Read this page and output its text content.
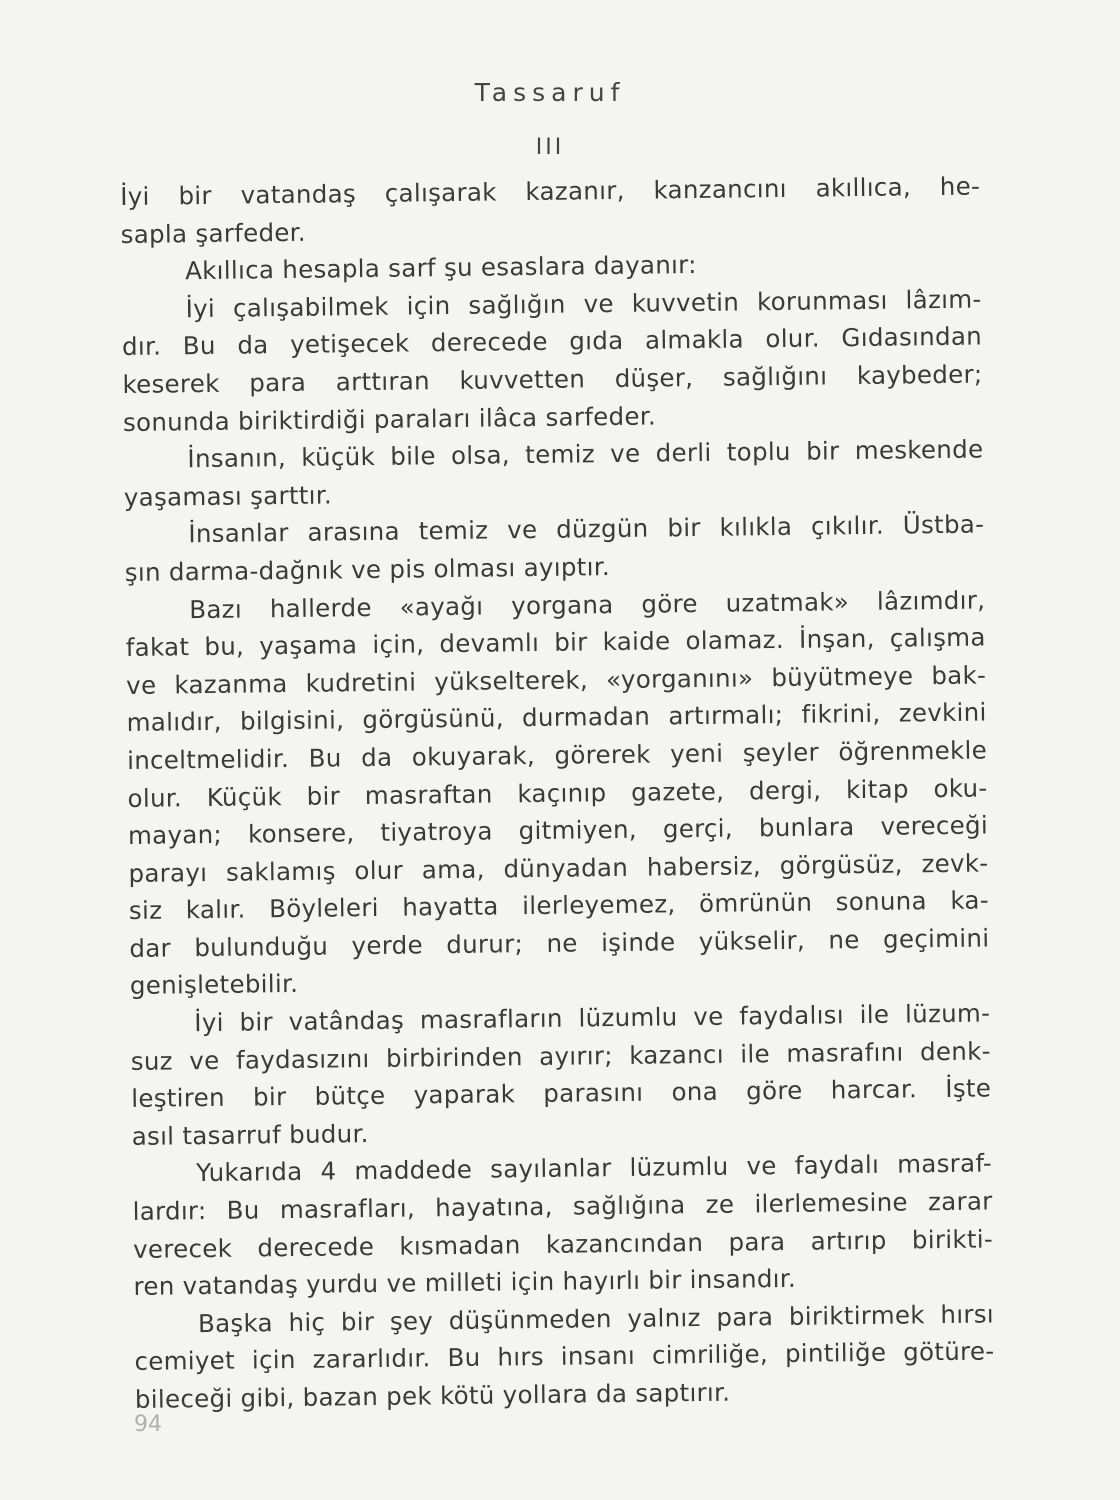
Tassaruf
III
İyi bir vatandaş çalışarak kazanır, kanzancını akıllıca, he-
sapla şarfeder.
Akıllıca hesapla sarf şu esaslara dayanır:
İyi çalışabilmek için sağlığın ve kuvvetin korunması lâzım-
dır. Bu da yetişecek derecede gıda almakla olur. Gıdasından
keserek para arttıran kuvvetten düşer, sağlığını kaybeder;
sonunda biriktirdiği paraları ilâca sarfeder.
İnsanın, küçük bile olsa, temiz ve derli toplu bir meskende
yaşaması şarttır.
İnsanlar arasına temiz ve düzgün bir kılıkla çıkılır. Üstba-
şın darma-dağnık ve pis olması ayıptır.
Bazı hallerde «ayağı yorgana göre uzatmak» lâzımdır,
fakat bu, yaşama için, devamlı bir kaide olamaz. İnşan, çalışma
ve kazanma kudretini yükselterek, «yorganını» büyütmeye bak-
malıdır, bilgisini, görgüsünü, durmadan artırmalı; fikrini, zevkini
inceltmelidir. Bu da okuyarak, görerek yeni şeyler öğrenmekle
olur. Küçük bir masraftan kaçınıp gazete, dergi, kitap oku-
mayan; konsere, tiyatroya gitmiyen, gerçi, bunlara vereceği
parayı saklamış olur ama, dünyadan habersiz, görgüsüz, zevk-
siz kalır. Böyleleri hayatta ilerleyemez, ömrünün sonuna ka-
dar bulunduğu yerde durur; ne işinde yükselir, ne geçimini
genişletebilir.
İyi bir vatândaş masrafların lüzumlu ve faydalısı ile lüzum-
suz ve faydasızını birbirinden ayırır; kazancı ile masrafını denk-
leştiren bir bütçe yaparak parasını ona göre harcar. İşte
asıl tasarruf budur.
Yukarıda 4 maddede sayılanlar lüzumlu ve faydalı masraf-
lardır: Bu masrafları, hayatına, sağlığına ze ilerlemesine zarar
verecek derecede kısmadan kazancından para artırıp birikti-
ren vatandaş yurdu ve milleti için hayırlı bir insandır.
Başka hiç bir şey düşünmeden yalnız para biriktirmek hırsı
cemiyet için zararlıdır. Bu hırs insanı cimriliğe, pintiliğe götüre-
bileceği gibi, bazan pek kötü yollara da saptırır.
94
